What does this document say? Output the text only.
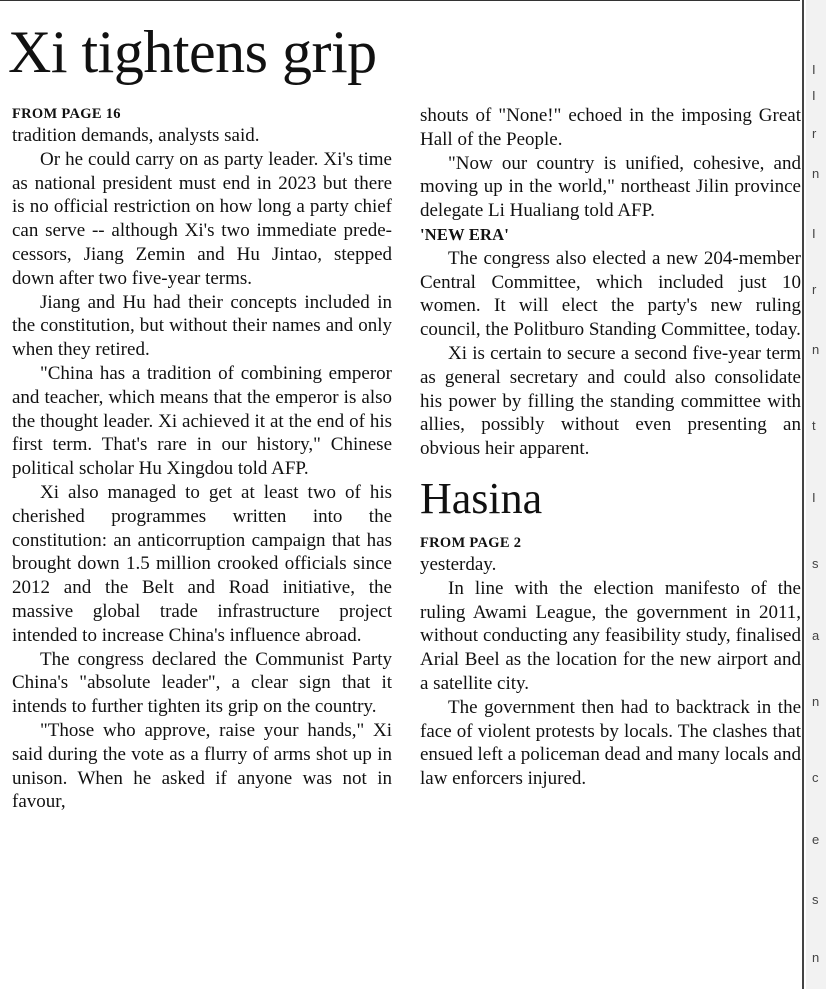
I
I
r
n
I
r
n
t
I
s
a
n
c
e
s
n
Xi tightens grip

FROM PAGE 16

tradition demands, analysts said.

Or he could carry on as party leader. Xi's time as national president must end in 2023 but there is no official restriction on how long a party chief can serve -- although Xi's two immediate predecessors, Jiang Zemin and Hu Jintao, stepped down after two five-year terms.

Jiang and Hu had their concepts included in the constitution, but without their names and only when they retired.

"China has a tradition of combining emperor and teacher, which means that the emperor is also the thought leader. Xi achieved it at the end of his first term. That's rare in our history," Chinese political scholar Hu Xingdou told AFP.

Xi also managed to get at least two of his cherished programmes written into the constitution: an anticorruption campaign that has brought down 1.5 million crooked officials since 2012 and the Belt and Road initiative, the massive global trade infrastructure project intended to increase China's influence abroad.

The congress declared the Communist Party China's "absolute leader", a clear sign that it intends to further tighten its grip on the country.

"Those who approve, raise your hands," Xi said during the vote as a flurry of arms shot up in unison. When he asked if anyone was not in favour,

shouts of "None!" echoed in the imposing Great Hall of the People.

"Now our country is unified, cohesive, and moving up in the world," northeast Jilin province delegate Li Hualiang told AFP.

'NEW ERA'

The congress also elected a new 204-member Central Committee, which included just 10 women. It will elect the party's new ruling council, the Politburo Standing Committee, today.

Xi is certain to secure a second five-year term as general secretary and could also consolidate his power by filling the standing committee with allies, possibly without even presenting an obvious heir apparent.

Hasina

FROM PAGE 2

yesterday.

In line with the election manifesto of the ruling Awami League, the government in 2011, without conducting any feasibility study, finalised Arial Beel as the location for the new airport and a satellite city.

The government then had to backtrack in the face of violent protests by locals. The clashes that ensued left a policeman dead and many locals and law enforcers injured.
